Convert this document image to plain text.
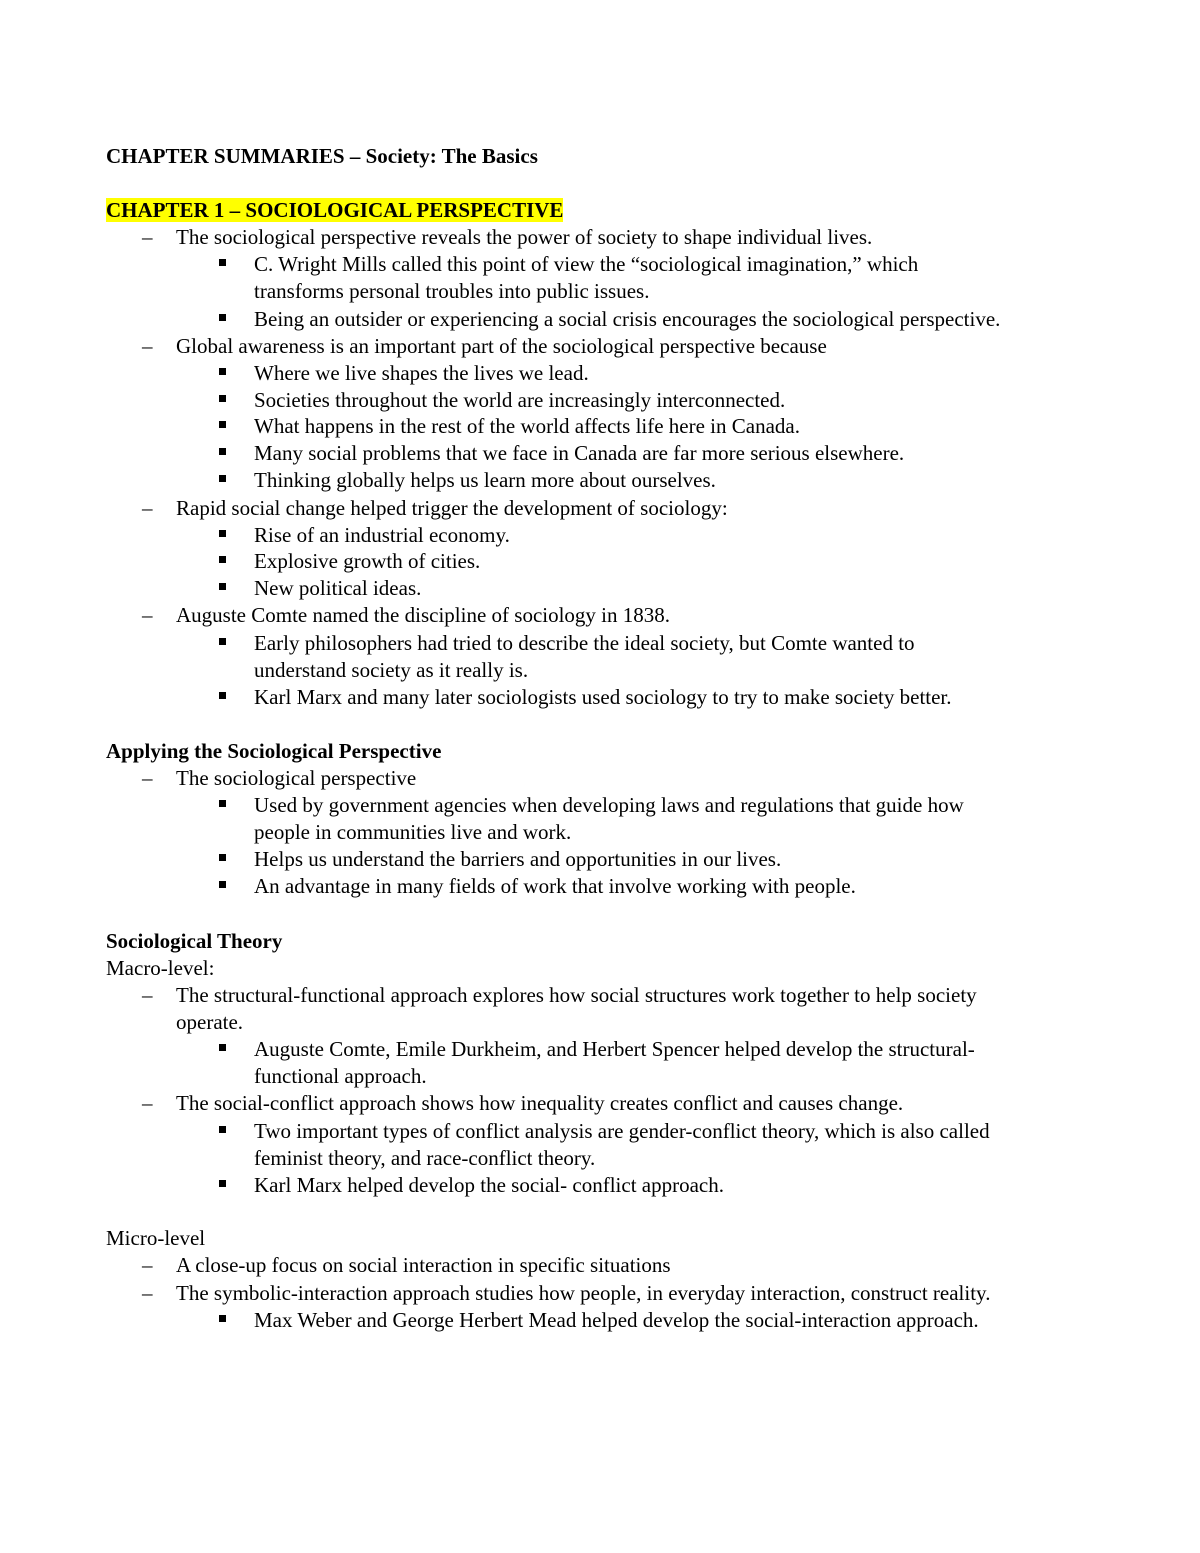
CHAPTER SUMMARIES – Society: The Basics
CHAPTER 1 – SOCIOLOGICAL PERSPECTIVE
– The sociological perspective reveals the power of society to shape individual lives.
C. Wright Mills called this point of view the “sociological imagination,” which
transforms personal troubles into public issues.
Being an outsider or experiencing a social crisis encourages the sociological perspective.
– Global awareness is an important part of the sociological perspective because
Where we live shapes the lives we lead.
Societies throughout the world are increasingly interconnected.
What happens in the rest of the world affects life here in Canada.
Many social problems that we face in Canada are far more serious elsewhere.
Thinking globally helps us learn more about ourselves.
– Rapid social change helped trigger the development of sociology:
Rise of an industrial economy.
Explosive growth of cities.
New political ideas.
– Auguste Comte named the discipline of sociology in 1838.
Early philosophers had tried to describe the ideal society, but Comte wanted to
understand society as it really is.
Karl Marx and many later sociologists used sociology to try to make society better.
Applying the Sociological Perspective
– The sociological perspective
Used by government agencies when developing laws and regulations that guide how
people in communities live and work.
Helps us understand the barriers and opportunities in our lives.
An advantage in many fields of work that involve working with people.
Sociological Theory
Macro-level:
– The structural-functional approach explores how social structures work together to help society
operate.
Auguste Comte, Emile Durkheim, and Herbert Spencer helped develop the structural-
functional approach.
– The social-conflict approach shows how inequality creates conflict and causes change.
Two important types of conflict analysis are gender-conflict theory, which is also called
feminist theory, and race-conflict theory.
Karl Marx helped develop the social- conflict approach.
Micro-level
– A close-up focus on social interaction in specific situations
– The symbolic-interaction approach studies how people, in everyday interaction, construct reality.
Max Weber and George Herbert Mead helped develop the social-interaction approach.
